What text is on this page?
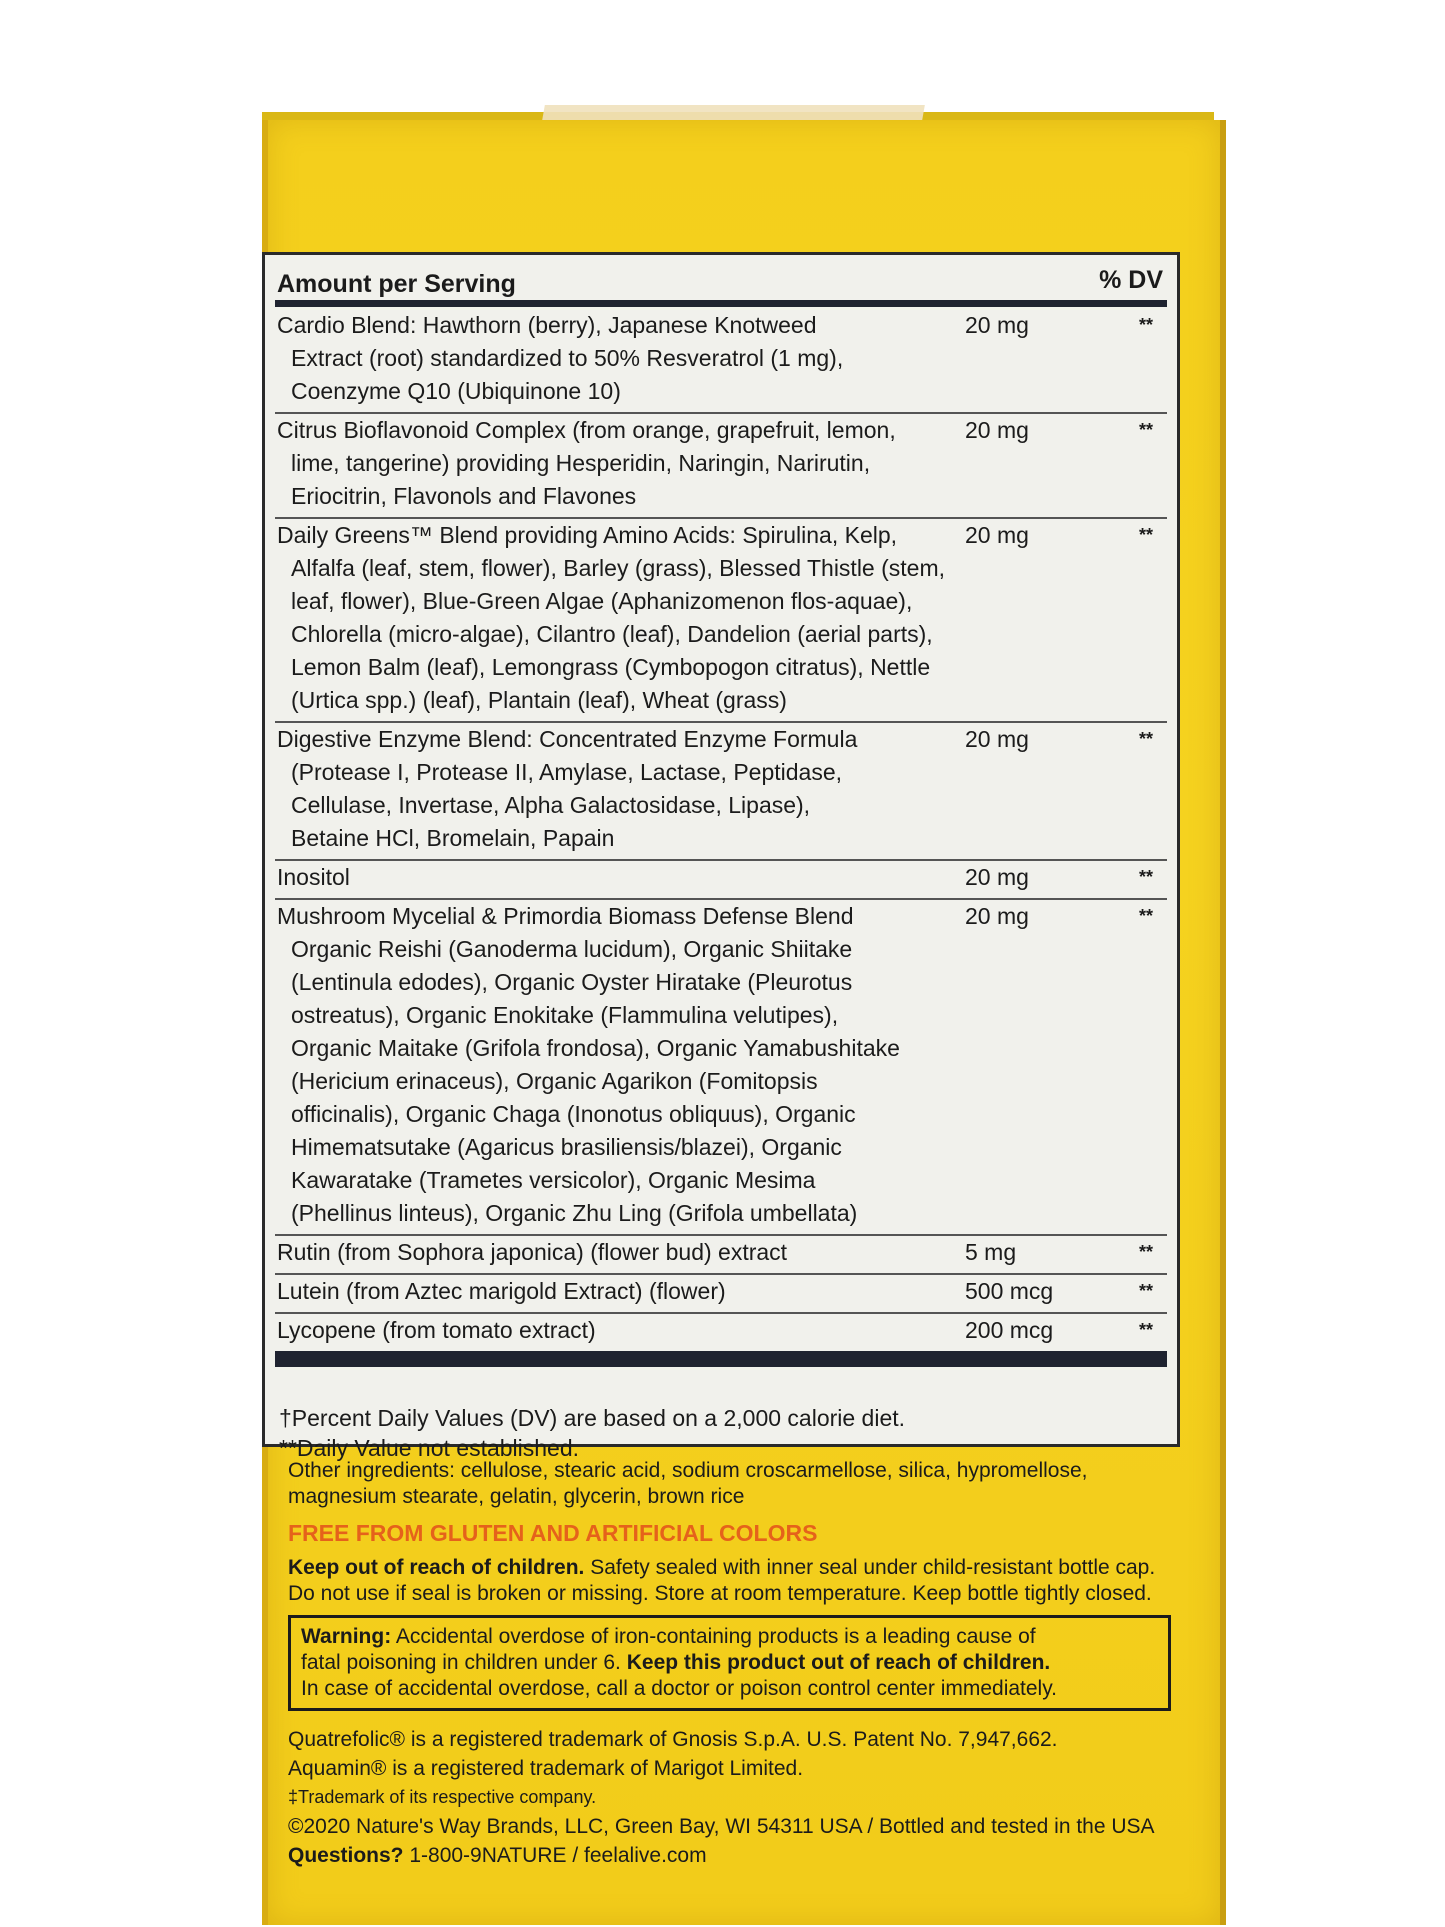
Amount per Serving	% DV
Cardio Blend: Hawthorn (berry), Japanese Knotweed
Extract (root) standardized to 50% Resveratrol (1 mg),
Coenzyme Q10 (Ubiquinone 10)
20 mg	**
Citrus Bioflavonoid Complex (from orange, grapefruit, lemon,
lime, tangerine) providing Hesperidin, Naringin, Narirutin,
Eriocitrin, Flavonols and Flavones
20 mg	**
Daily Greens™ Blend providing Amino Acids: Spirulina, Kelp,
Alfalfa (leaf, stem, flower), Barley (grass), Blessed Thistle (stem,
leaf, flower), Blue-Green Algae (Aphanizomenon flos-aquae),
Chlorella (micro-algae), Cilantro (leaf), Dandelion (aerial parts),
Lemon Balm (leaf), Lemongrass (Cymbopogon citratus), Nettle
(Urtica spp.) (leaf), Plantain (leaf), Wheat (grass)
20 mg	**
Digestive Enzyme Blend: Concentrated Enzyme Formula
(Protease I, Protease II, Amylase, Lactase, Peptidase,
Cellulase, Invertase, Alpha Galactosidase, Lipase),
Betaine HCl, Bromelain, Papain
20 mg	**
Inositol	20 mg	**
Mushroom Mycelial & Primordia Biomass Defense Blend
Organic Reishi (Ganoderma lucidum), Organic Shiitake
(Lentinula edodes), Organic Oyster Hiratake (Pleurotus
ostreatus), Organic Enokitake (Flammulina velutipes),
Organic Maitake (Grifola frondosa), Organic Yamabushitake
(Hericium erinaceus), Organic Agarikon (Fomitopsis
officinalis), Organic Chaga (Inonotus obliquus), Organic
Himematsutake (Agaricus brasiliensis/blazei), Organic
Kawaratake (Trametes versicolor), Organic Mesima
(Phellinus linteus), Organic Zhu Ling (Grifola umbellata)
20 mg	**
Rutin (from Sophora japonica) (flower bud) extract	5 mg	**
Lutein (from Aztec marigold Extract) (flower)	500 mcg	**
Lycopene (from tomato extract)	200 mcg	**
†Percent Daily Values (DV) are based on a 2,000 calorie diet.
**Daily Value not established.
Other ingredients: cellulose, stearic acid, sodium croscarmellose, silica, hypromellose,
magnesium stearate, gelatin, glycerin, brown rice
FREE FROM GLUTEN AND ARTIFICIAL COLORS
Keep out of reach of children. Safety sealed with inner seal under child-resistant bottle cap.
Do not use if seal is broken or missing. Store at room temperature. Keep bottle tightly closed.
Warning: Accidental overdose of iron-containing products is a leading cause of
fatal poisoning in children under 6. Keep this product out of reach of children.
In case of accidental overdose, call a doctor or poison control center immediately.
Quatrefolic® is a registered trademark of Gnosis S.p.A. U.S. Patent No. 7,947,662.
Aquamin® is a registered trademark of Marigot Limited.
‡Trademark of its respective company.
©2020 Nature's Way Brands, LLC, Green Bay, WI 54311 USA / Bottled and tested in the USA
Questions? 1-800-9NATURE / feelalive.com
